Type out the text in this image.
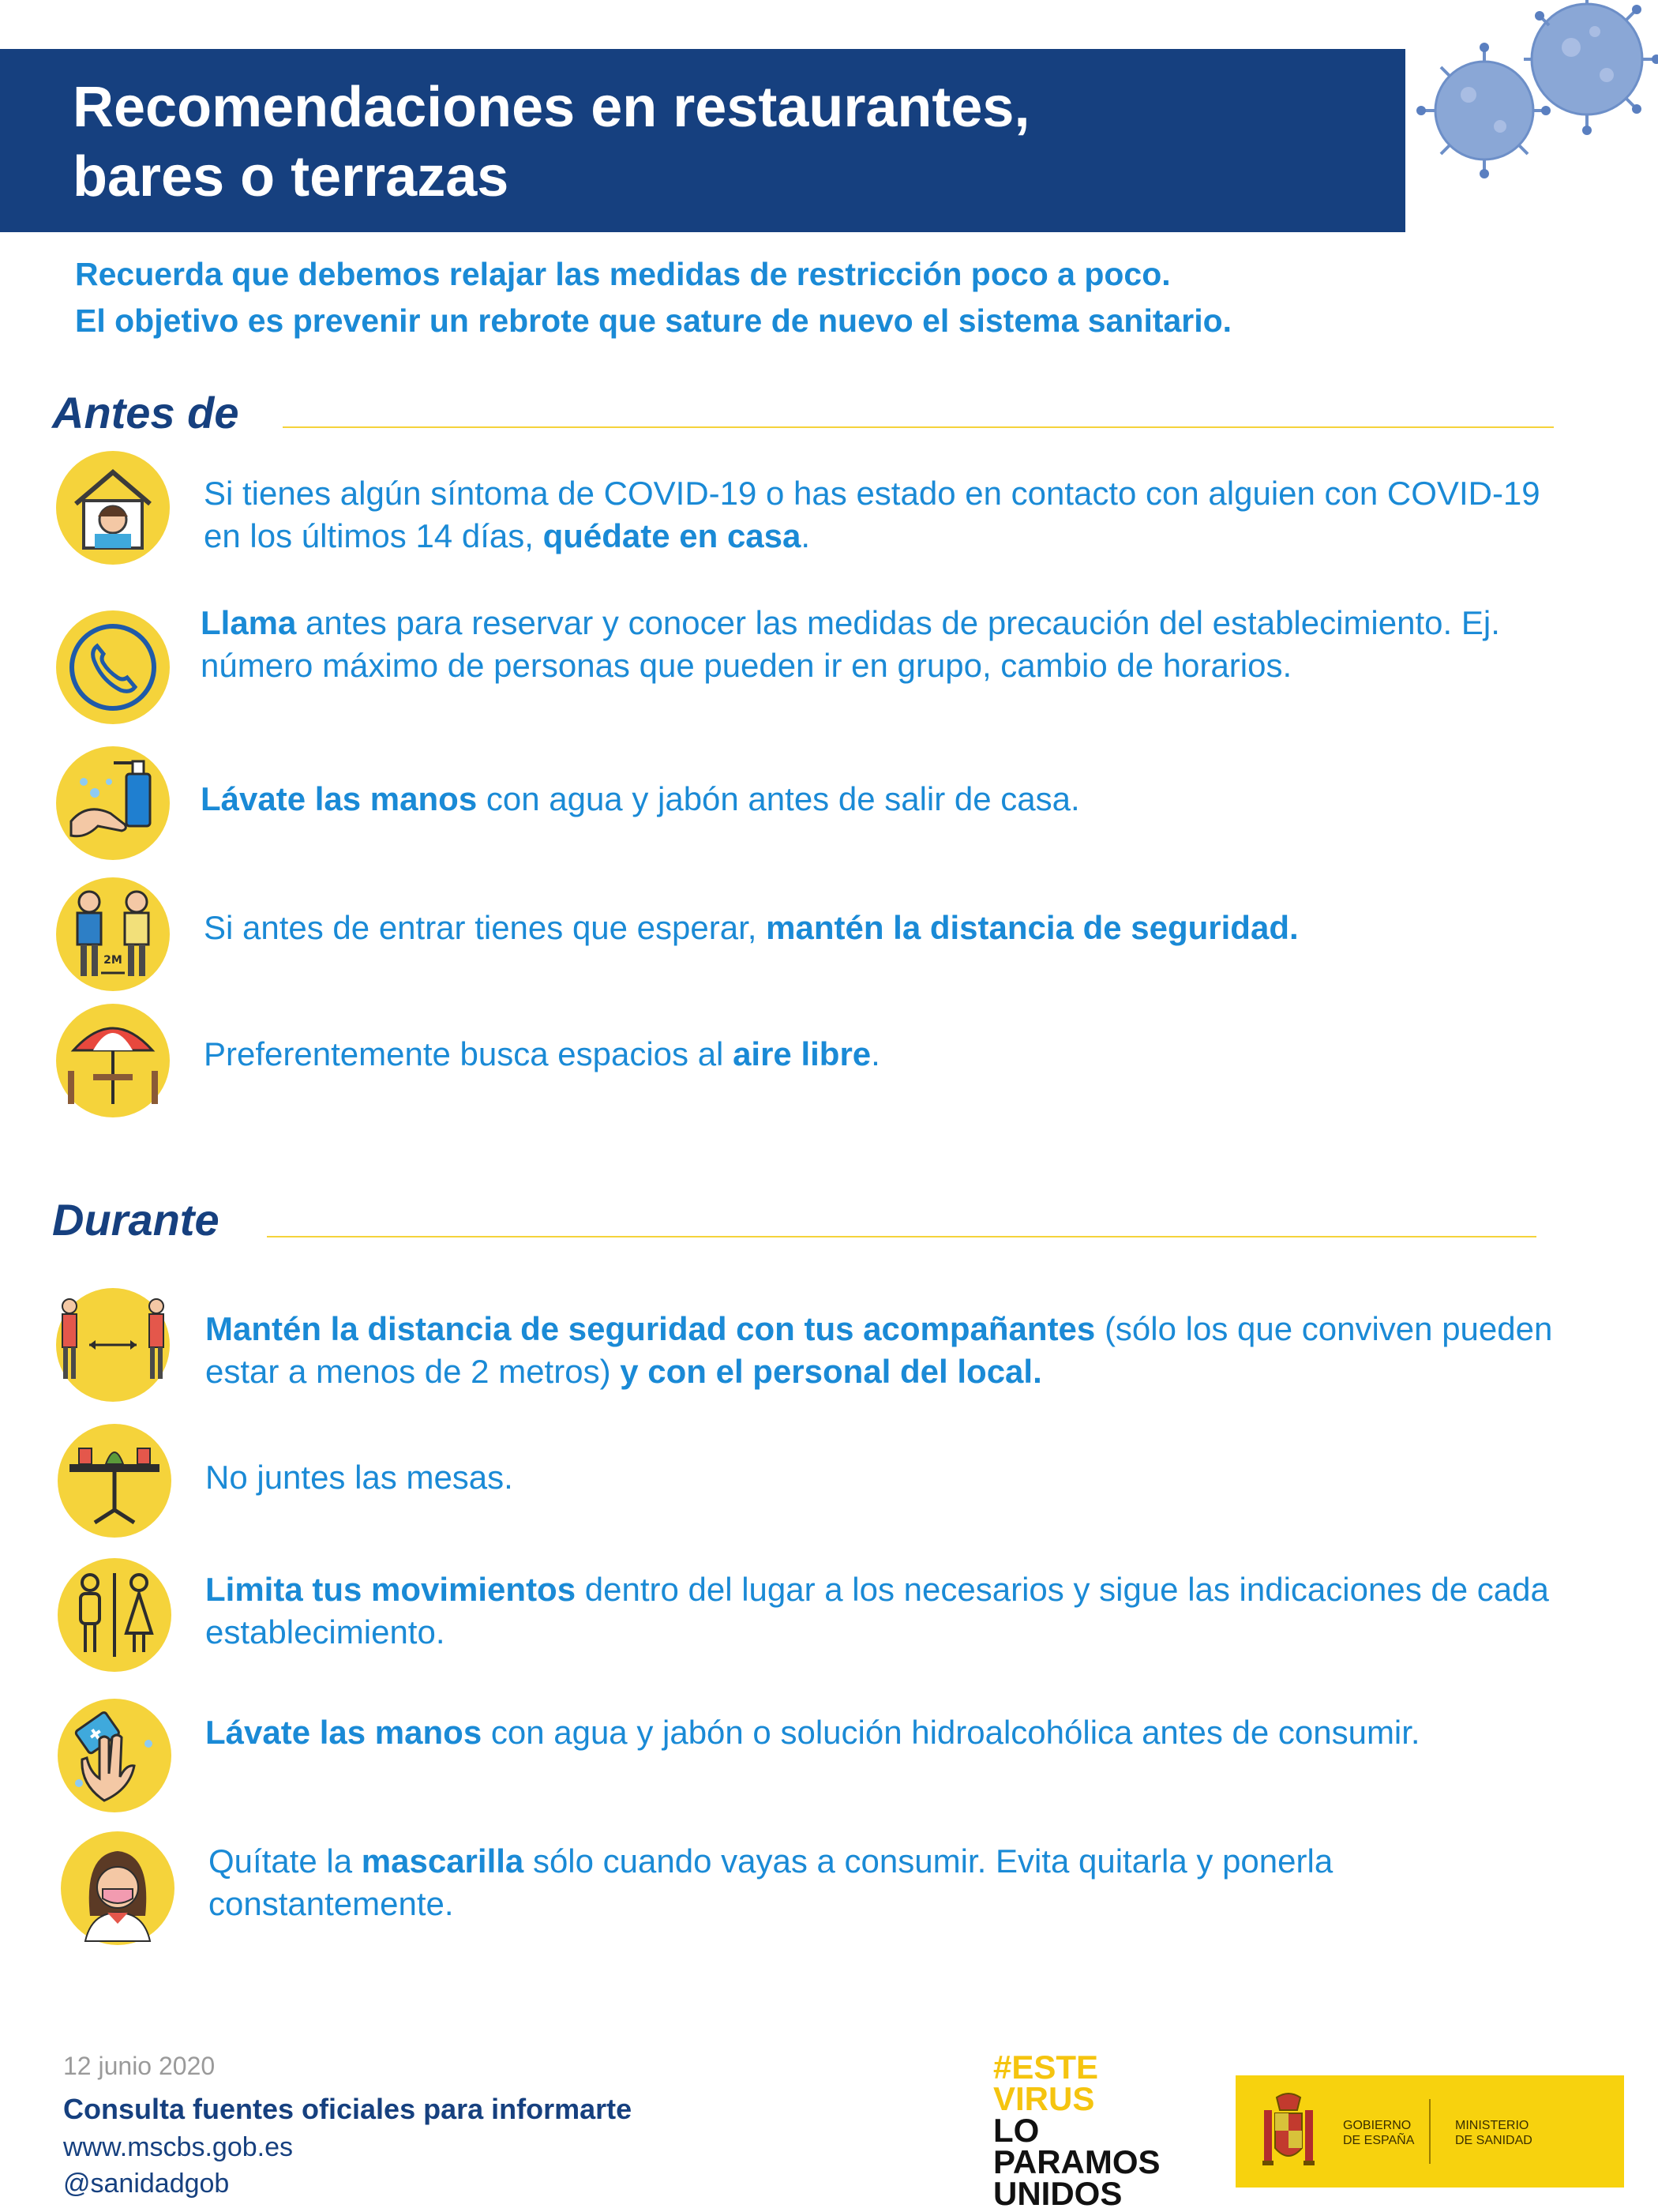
Recomendaciones en restaurantes,
bares o terrazas
Recuerda que debemos relajar las medidas de restricción poco a poco.
El objetivo es prevenir un rebrote que sature de nuevo el sistema sanitario.
Antes de
Si tienes algún síntoma de COVID-19 o has estado en contacto con alguien con COVID-19 en los últimos 14 días, quédate en casa.
Llama antes para reservar y conocer las medidas de precaución del establecimiento. Ej. número máximo de personas que pueden ir en grupo, cambio de horarios.
Lávate las manos con agua y jabón antes de salir de casa.
2M
Si antes de entrar tienes que esperar, mantén la distancia de seguridad.
Preferentemente busca espacios al aire libre.
Durante
Mantén la distancia de seguridad con tus acompañantes (sólo los que conviven pueden estar a menos de 2 metros) y con el personal del local.
No juntes las mesas.
Limita tus movimientos dentro del lugar a los necesarios y sigue las indicaciones de cada establecimiento.
Lávate las manos con agua y jabón o solución hidroalcohólica antes de consumir.
Quítate la mascarilla sólo cuando vayas a consumir. Evita quitarla y ponerla constantemente.
12 junio 2020
Consulta fuentes oficiales para informarte
www.mscbs.gob.es
@sanidadgob
#ESTE
VIRUS
LO
PARAMOS
UNIDOS
GOBIERNO
DE ESPAÑA
MINISTERIO
DE SANIDAD
